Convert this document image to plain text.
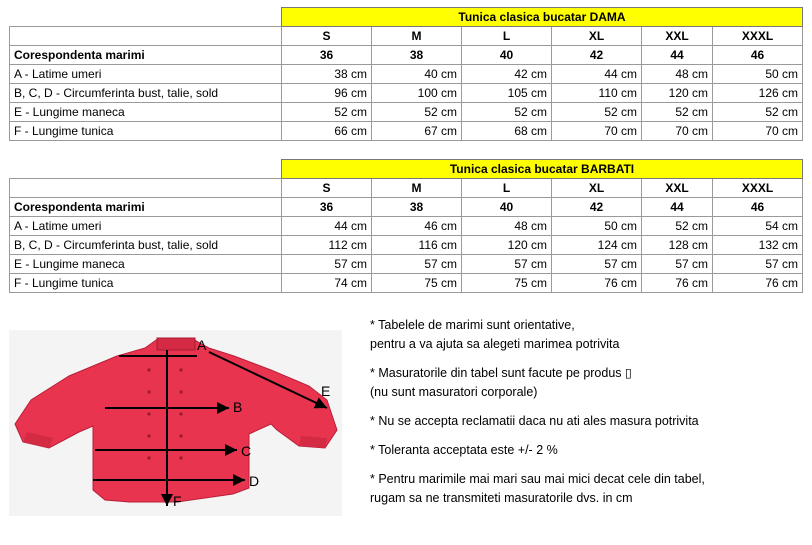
	Tunica clasica bucatar DAMA					
	S	M	L	XL	XXL	XXXL
Corespondenta marimi	36	38	40	42	44	46
A - Latime umeri	38 cm	40 cm	42 cm	44 cm	48 cm	50 cm
B, C, D - Circumferinta bust, talie, sold	96 cm	100 cm	105 cm	110 cm	120 cm	126 cm
E - Lungime maneca	52 cm	52 cm	52 cm	52 cm	52 cm	52 cm
F - Lungime tunica	66 cm	67 cm	68 cm	70 cm	70 cm	70 cm
	Tunica clasica bucatar BARBATI					
	S	M	L	XL	XXL	XXXL
Corespondenta marimi	36	38	40	42	44	46
A - Latime umeri	44 cm	46 cm	48 cm	50 cm	52 cm	54 cm
B, C, D - Circumferinta bust, talie, sold	112 cm	116 cm	120 cm	124 cm	128 cm	132 cm
E - Lungime maneca	57 cm	57 cm	57 cm	57 cm	57 cm	57 cm
F - Lungime tunica	74 cm	75 cm	75 cm	76 cm	76 cm	76 cm
A
B
C
D
E
F

* Tabelele de marimi sunt orientative,
pentru a va ajuta sa alegeti marimea potrivita

* Masuratorile din tabel sunt facute pe produs ▯
(nu sunt masuratori corporale)

* Nu se accepta reclamatii daca nu ati ales masura potrivita

* Toleranta acceptata este +/- 2 %

* Pentru marimile mai mari sau mai mici decat cele din tabel,
rugam sa ne transmiteti masuratorile dvs. in cm
